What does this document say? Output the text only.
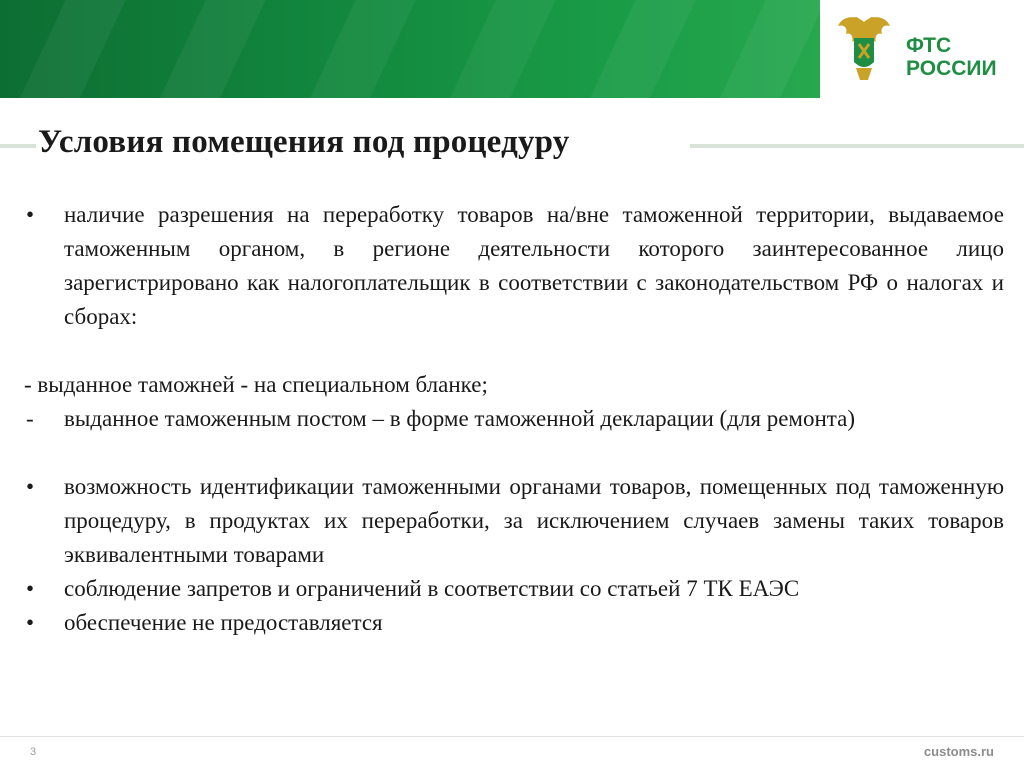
ФТС
РОССИИ
Условия помещения под процедуру
• наличие разрешения на переработку товаров на/вне таможенной территории, выдаваемое таможенным органом, в регионе деятельности которого заинтересованное лицо зарегистрировано как налогоплательщик в соответствии с законодательством РФ о налогах и сборах:
- выданное таможней - на специальном бланке;
- выданное таможенным постом – в форме таможенной декларации (для ремонта)
• возможность идентификации таможенными органами товаров, помещенных под таможенную процедуру, в продуктах их переработки, за исключением случаев замены таких товаров эквивалентными товарами
• соблюдение запретов и ограничений в соответствии со статьей 7 ТК ЕАЭС
• обеспечение не предоставляется
3	customs.ru
